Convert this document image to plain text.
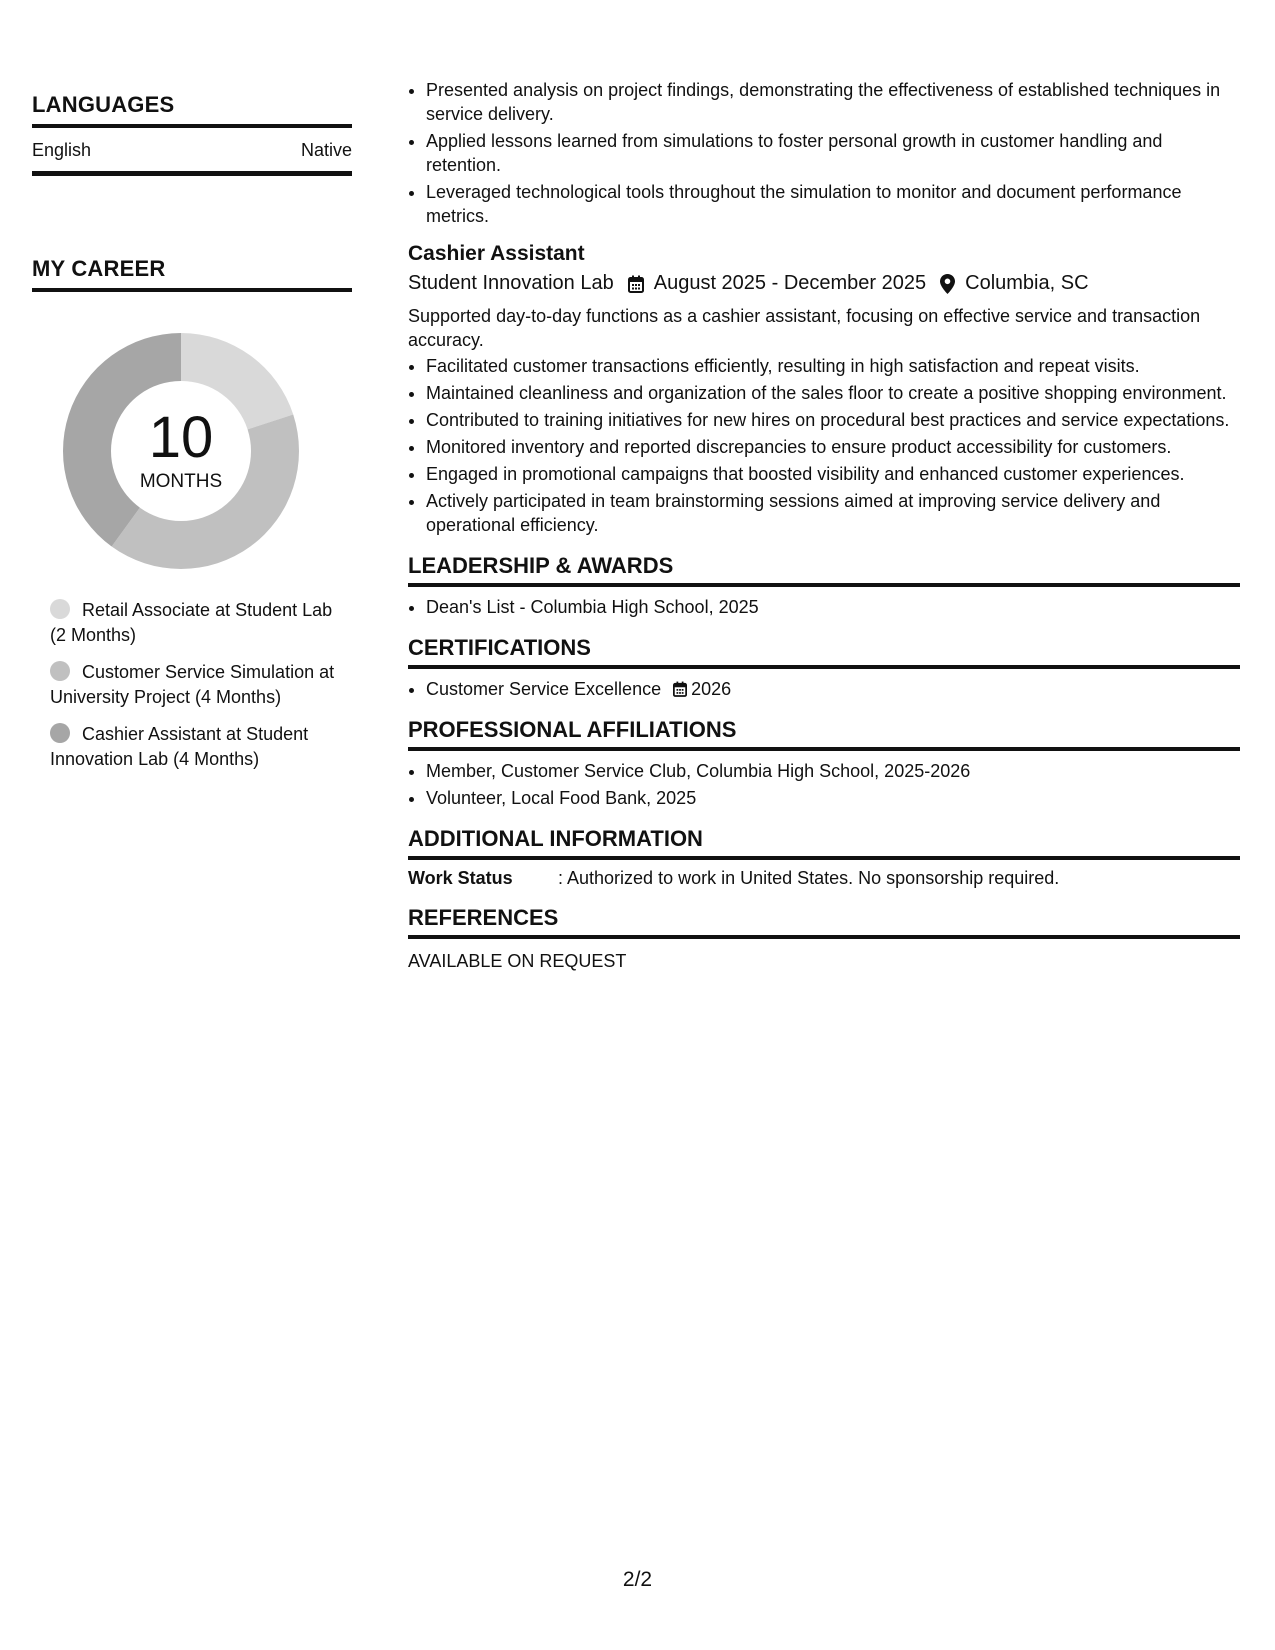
LANGUAGES
English	Native
MY CAREER
10
MONTHS
Retail Associate at Student Lab (2 Months)
Customer Service Simulation at University Project (4 Months)
Cashier Assistant at Student Innovation Lab (4 Months)
• Presented analysis on project findings, demonstrating the effectiveness of established techniques in service delivery.
• Applied lessons learned from simulations to foster personal growth in customer handling and retention.
• Leveraged technological tools throughout the simulation to monitor and document performance metrics.
Cashier Assistant
Student Innovation Lab August 2025 - December 2025 Columbia, SC

Supported day-to-day functions as a cashier assistant, focusing on effective service and transaction accuracy.

• Facilitated customer transactions efficiently, resulting in high satisfaction and repeat visits.
• Maintained cleanliness and organization of the sales floor to create a positive shopping environment.
• Contributed to training initiatives for new hires on procedural best practices and service expectations.
• Monitored inventory and reported discrepancies to ensure product accessibility for customers.
• Engaged in promotional campaigns that boosted visibility and enhanced customer experiences.
• Actively participated in team brainstorming sessions aimed at improving service delivery and operational efficiency.
LEADERSHIP & AWARDS
• Dean's List - Columbia High School, 2025
CERTIFICATIONS
• Customer Service Excellence 2026
PROFESSIONAL AFFILIATIONS
• Member, Customer Service Club, Columbia High School, 2025-2026
• Volunteer, Local Food Bank, 2025
ADDITIONAL INFORMATION
Work Status	: Authorized to work in United States. No sponsorship required.
REFERENCES
AVAILABLE ON REQUEST
2/2
